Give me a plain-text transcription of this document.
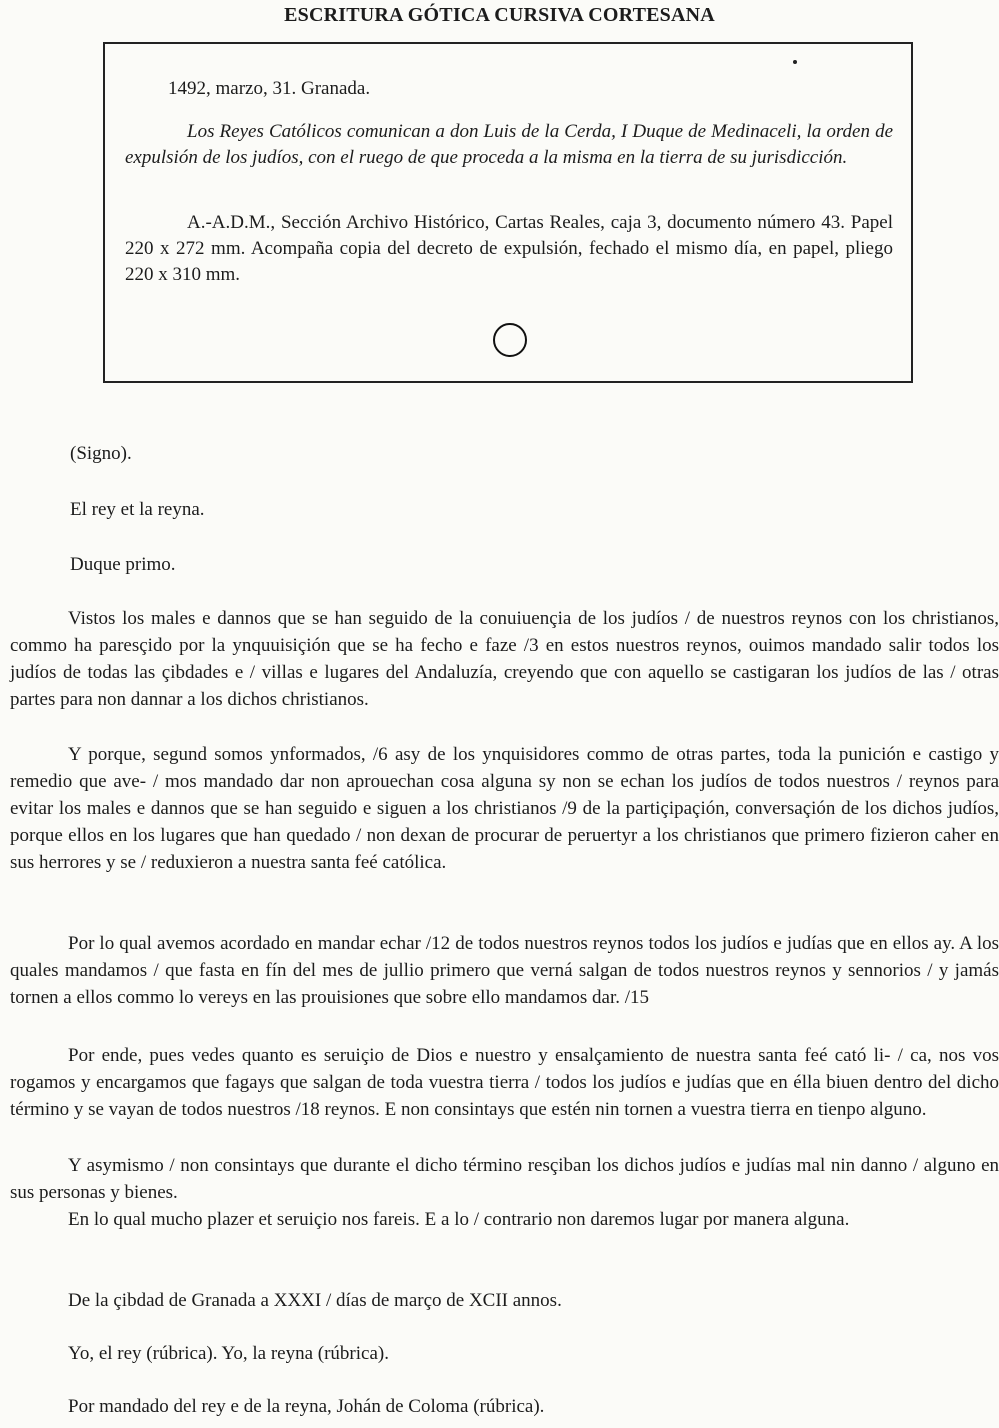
ESCRITURA GÓTICA CURSIVA CORTESANA

1492, marzo, 31. Granada.

Los Reyes Católicos comunican a don Luis de la Cerda, I Duque de Medinaceli, la orden de expulsión de los judíos, con el ruego de que proceda a la misma en la tierra de su jurisdicción.

A.-A.D.M., Sección Archivo Histórico, Cartas Reales, caja 3, documento número 43. Papel 220 x 272 mm. Acompaña copia del decreto de expulsión, fechado el mismo día, en papel, pliego 220 x 310 mm.

(Signo).

El rey et la reyna.

Duque primo.

Vistos los males e dannos que se han seguido de la conuiuençia de los judíos / de nuestros reynos con los christianos, commo ha paresçido por la ynquuisiçión que se ha fecho e faze /3 en estos nuestros reynos, ouimos mandado salir todos los judíos de todas las çibdades e / villas e lugares del Andaluzía, creyendo que con aquello se castigaran los judíos de las / otras partes para non dannar a los dichos christianos.

Y porque, segund somos ynformados, /6 asy de los ynquisidores commo de otras partes, toda la punición e castigo y remedio que ave- / mos mandado dar non aprouechan cosa alguna sy non se echan los judíos de todos nuestros / reynos para evitar los males e dannos que se han seguido e siguen a los christianos /9 de la partiçipaçión, conversaçión de los dichos judíos, porque ellos en los lugares que han quedado / non dexan de procurar de peruertyr a los christianos que primero fizieron caher en sus herrores y se / reduxieron a nuestra santa feé católica.

Por lo qual avemos acordado en mandar echar /12 de todos nuestros reynos todos los judíos e judías que en ellos ay. A los quales mandamos / que fasta en fín del mes de jullio primero que verná salgan de todos nuestros reynos y sennorios / y jamás tornen a ellos commo lo vereys en las prouisiones que sobre ello mandamos dar. /15

Por ende, pues vedes quanto es seruiçio de Dios e nuestro y ensalçamiento de nuestra santa feé cató li- / ca, nos vos rogamos y encargamos que fagays que salgan de toda vuestra tierra / todos los judíos e judías que en élla biuen dentro del dicho término y se vayan de todos nuestros /18 reynos. E non consintays que estén nin tornen a vuestra tierra en tienpo alguno.

Y asymismo / non consintays que durante el dicho término resçiban los dichos judíos e judías mal nin danno / alguno en sus personas y bienes.

En lo qual mucho plazer et seruiçio nos fareis. E a lo / contrario non daremos lugar por manera alguna.

De la çibdad de Granada a XXXI / días de março de XCII annos.

Yo, el rey (rúbrica). Yo, la reyna (rúbrica).

Por mandado del rey e de la reyna, Johán de Coloma (rúbrica).
